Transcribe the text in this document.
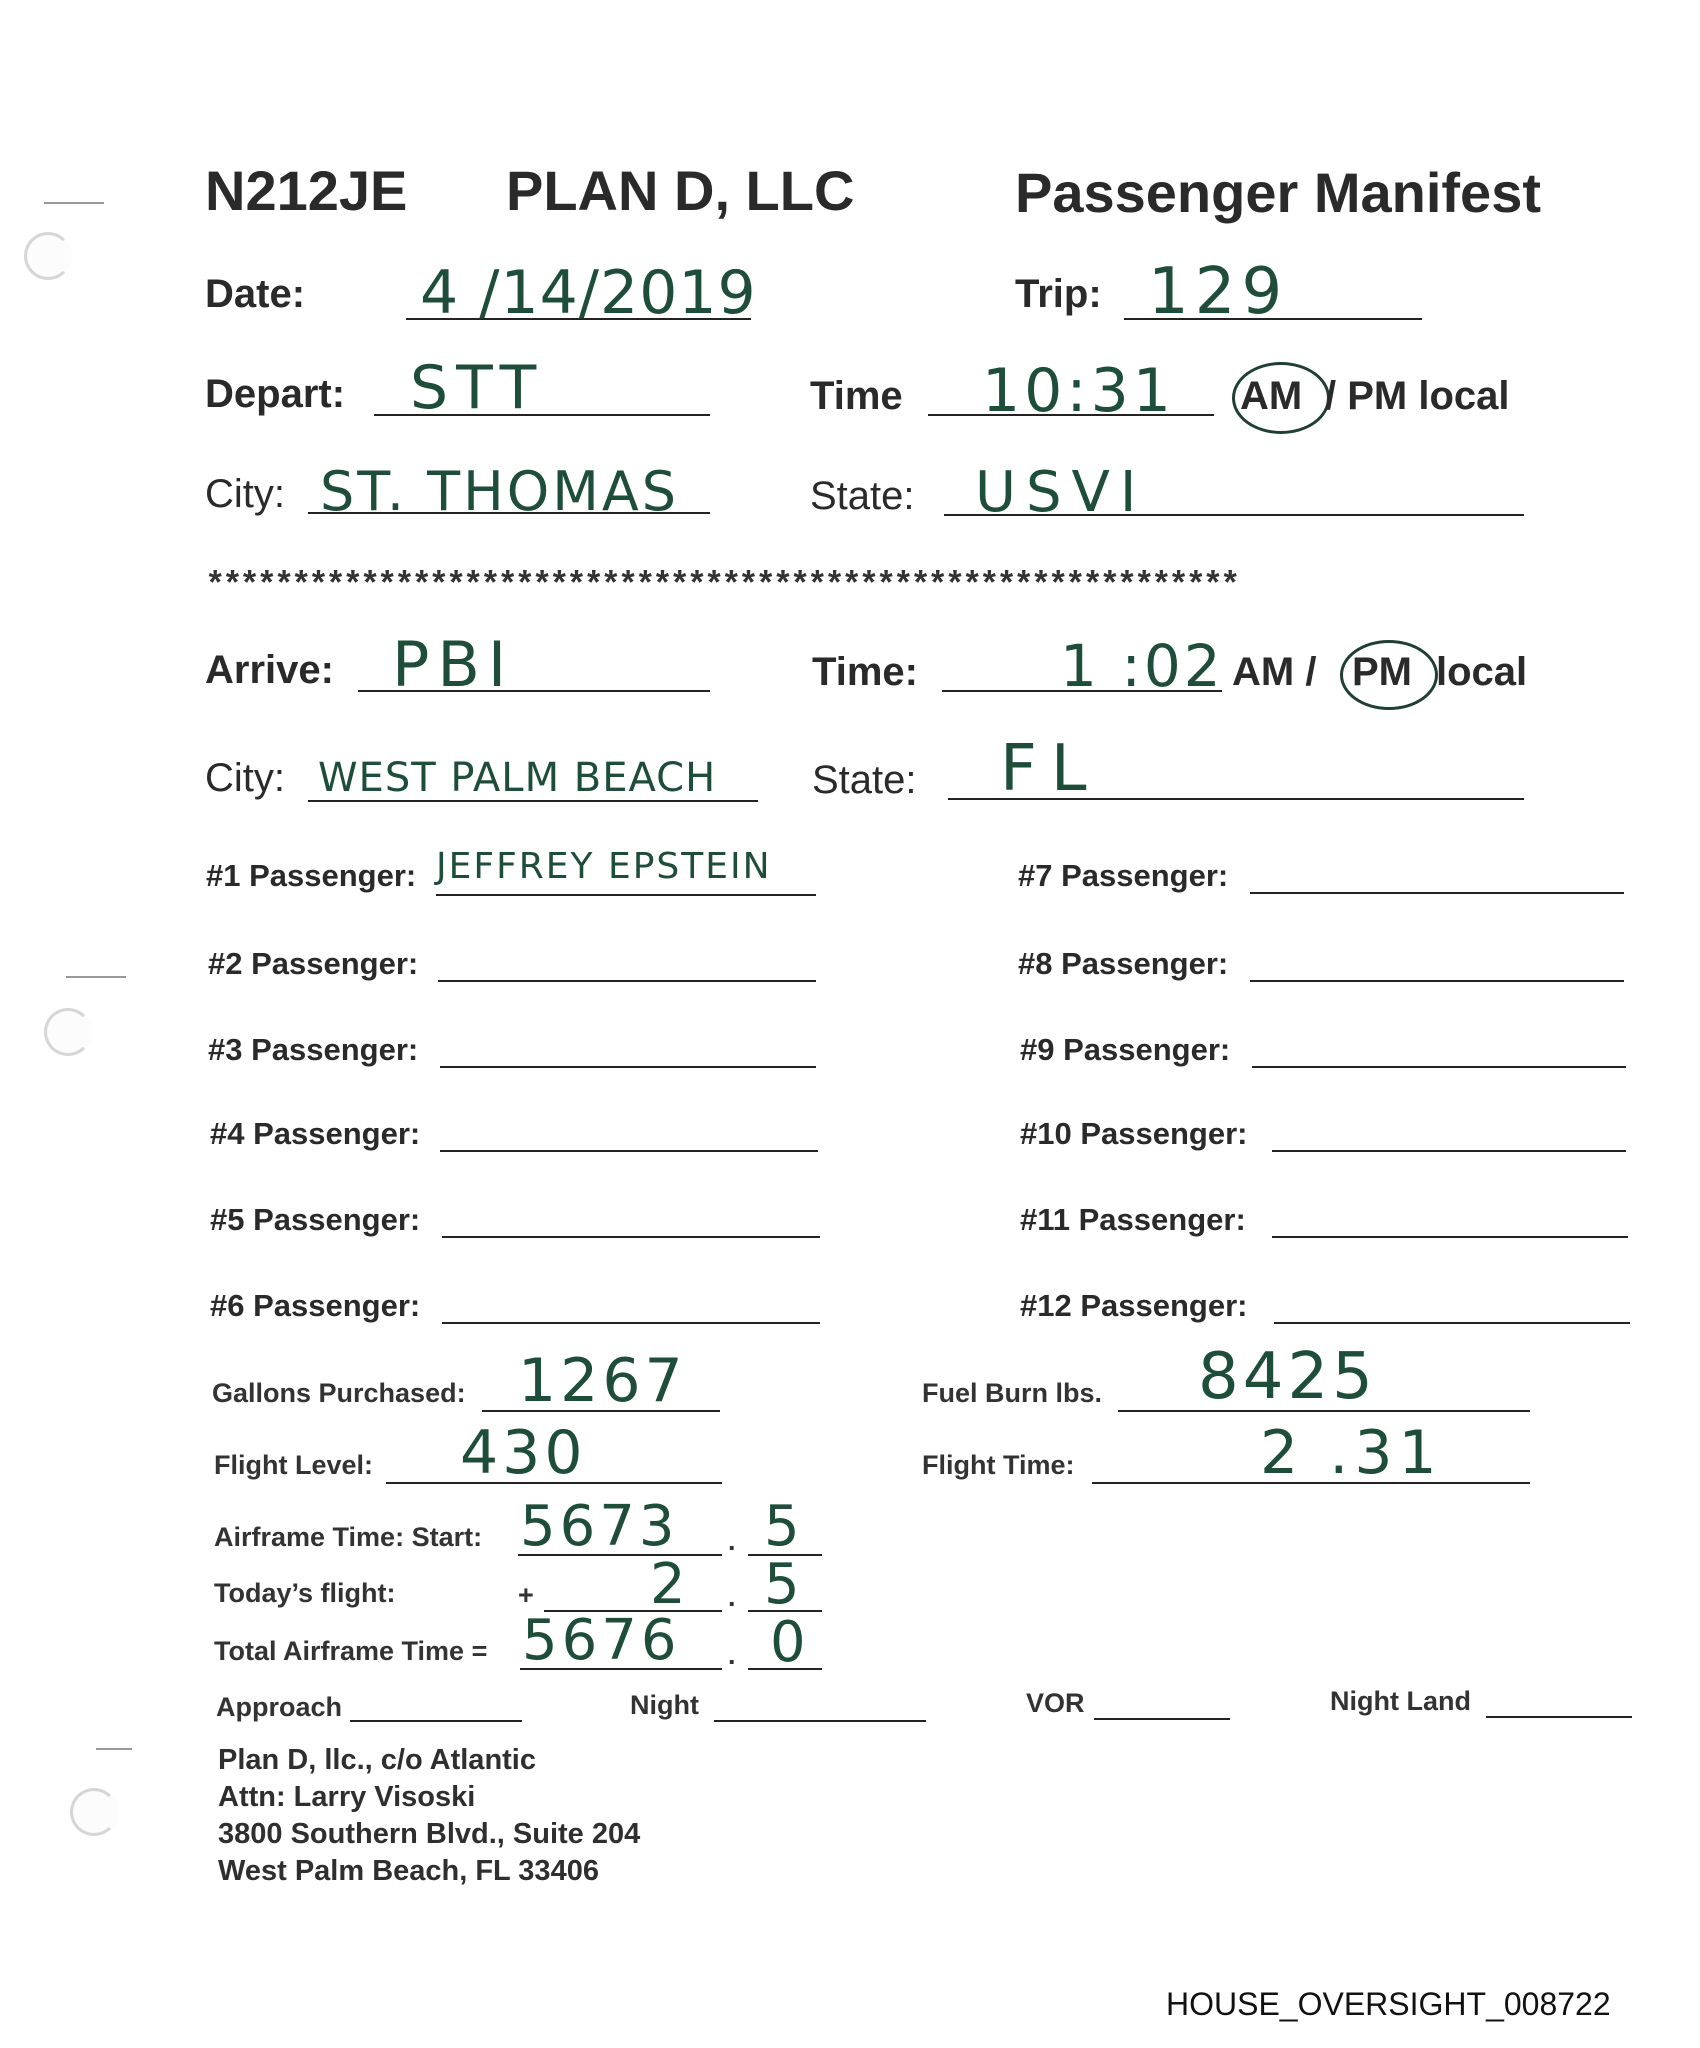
N212JE PLAN D, LLC	Passenger Manifest
Date: 4 /14/2019	Trip: 129
Depart: STT	Time 10:31 AM / PM local
City: ST. THOMAS	State: USVI
************************************************************
Arrive: PBI	Time: 1 :02 AM / PM local
City: WEST PALM BEACH State: FL
#1 Passenger: JEFFREY EPSTEIN
#2 Passenger:
#3 Passenger:
#4 Passenger:
#5 Passenger:
#6 Passenger:
#7 Passenger:
#8 Passenger:
#9 Passenger:
#10 Passenger:
#11 Passenger:
#12 Passenger:
Gallons Purchased: 1267	Fuel Burn lbs. 8425
Flight Level: 430	Flight Time:	2 .31
Airframe Time: Start: 5673 . 5
Today’s flight:	+ 2 . 5
Total Airframe Time = 5676 . 0
Approach	Night	VOR	Night Land
Plan D, llc., c/o Atlantic
Attn: Larry Visoski
3800 Southern Blvd., Suite 204
West Palm Beach, FL 33406
HOUSE_OVERSIGHT_008722
